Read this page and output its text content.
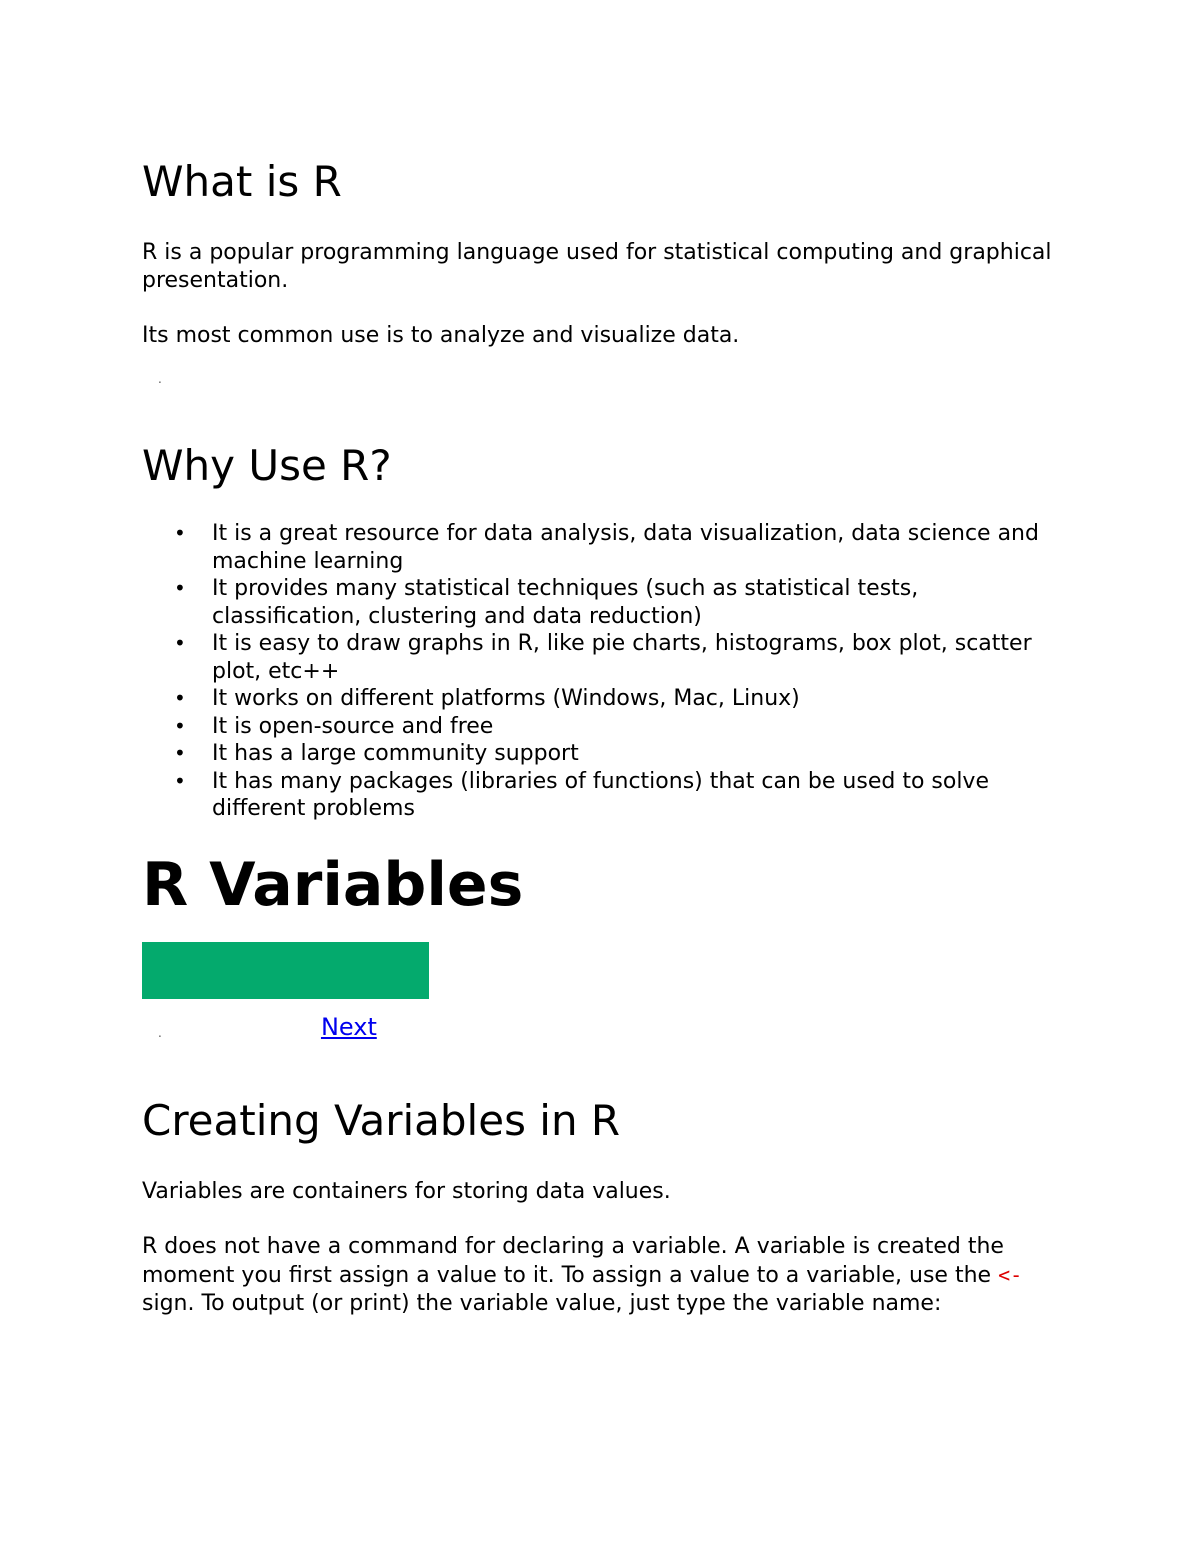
What is R

R is a popular programming language used for statistical computing and graphical presentation.

Its most common use is to analyze and visualize data.

.
Why Use R?
• It is a great resource for data analysis, data visualization, data science and machine learning
• It provides many statistical techniques (such as statistical tests, classification, clustering and data reduction)
• It is easy to draw graphs in R, like pie charts, histograms, box plot, scatter plot, etc++
• It works on different platforms (Windows, Mac, Linux)
• It is open-source and free
• It has a large community support
• It has many packages (libraries of functions) that can be used to solve different problems
R Variables

❮ PreviousNext ❯

.
Creating Variables in R

Variables are containers for storing data values.

R does not have a command for declaring a variable. A variable is created the moment you first assign a value to it. To assign a value to a variable, use the <- sign. To output (or print) the variable value, just type the variable name:
